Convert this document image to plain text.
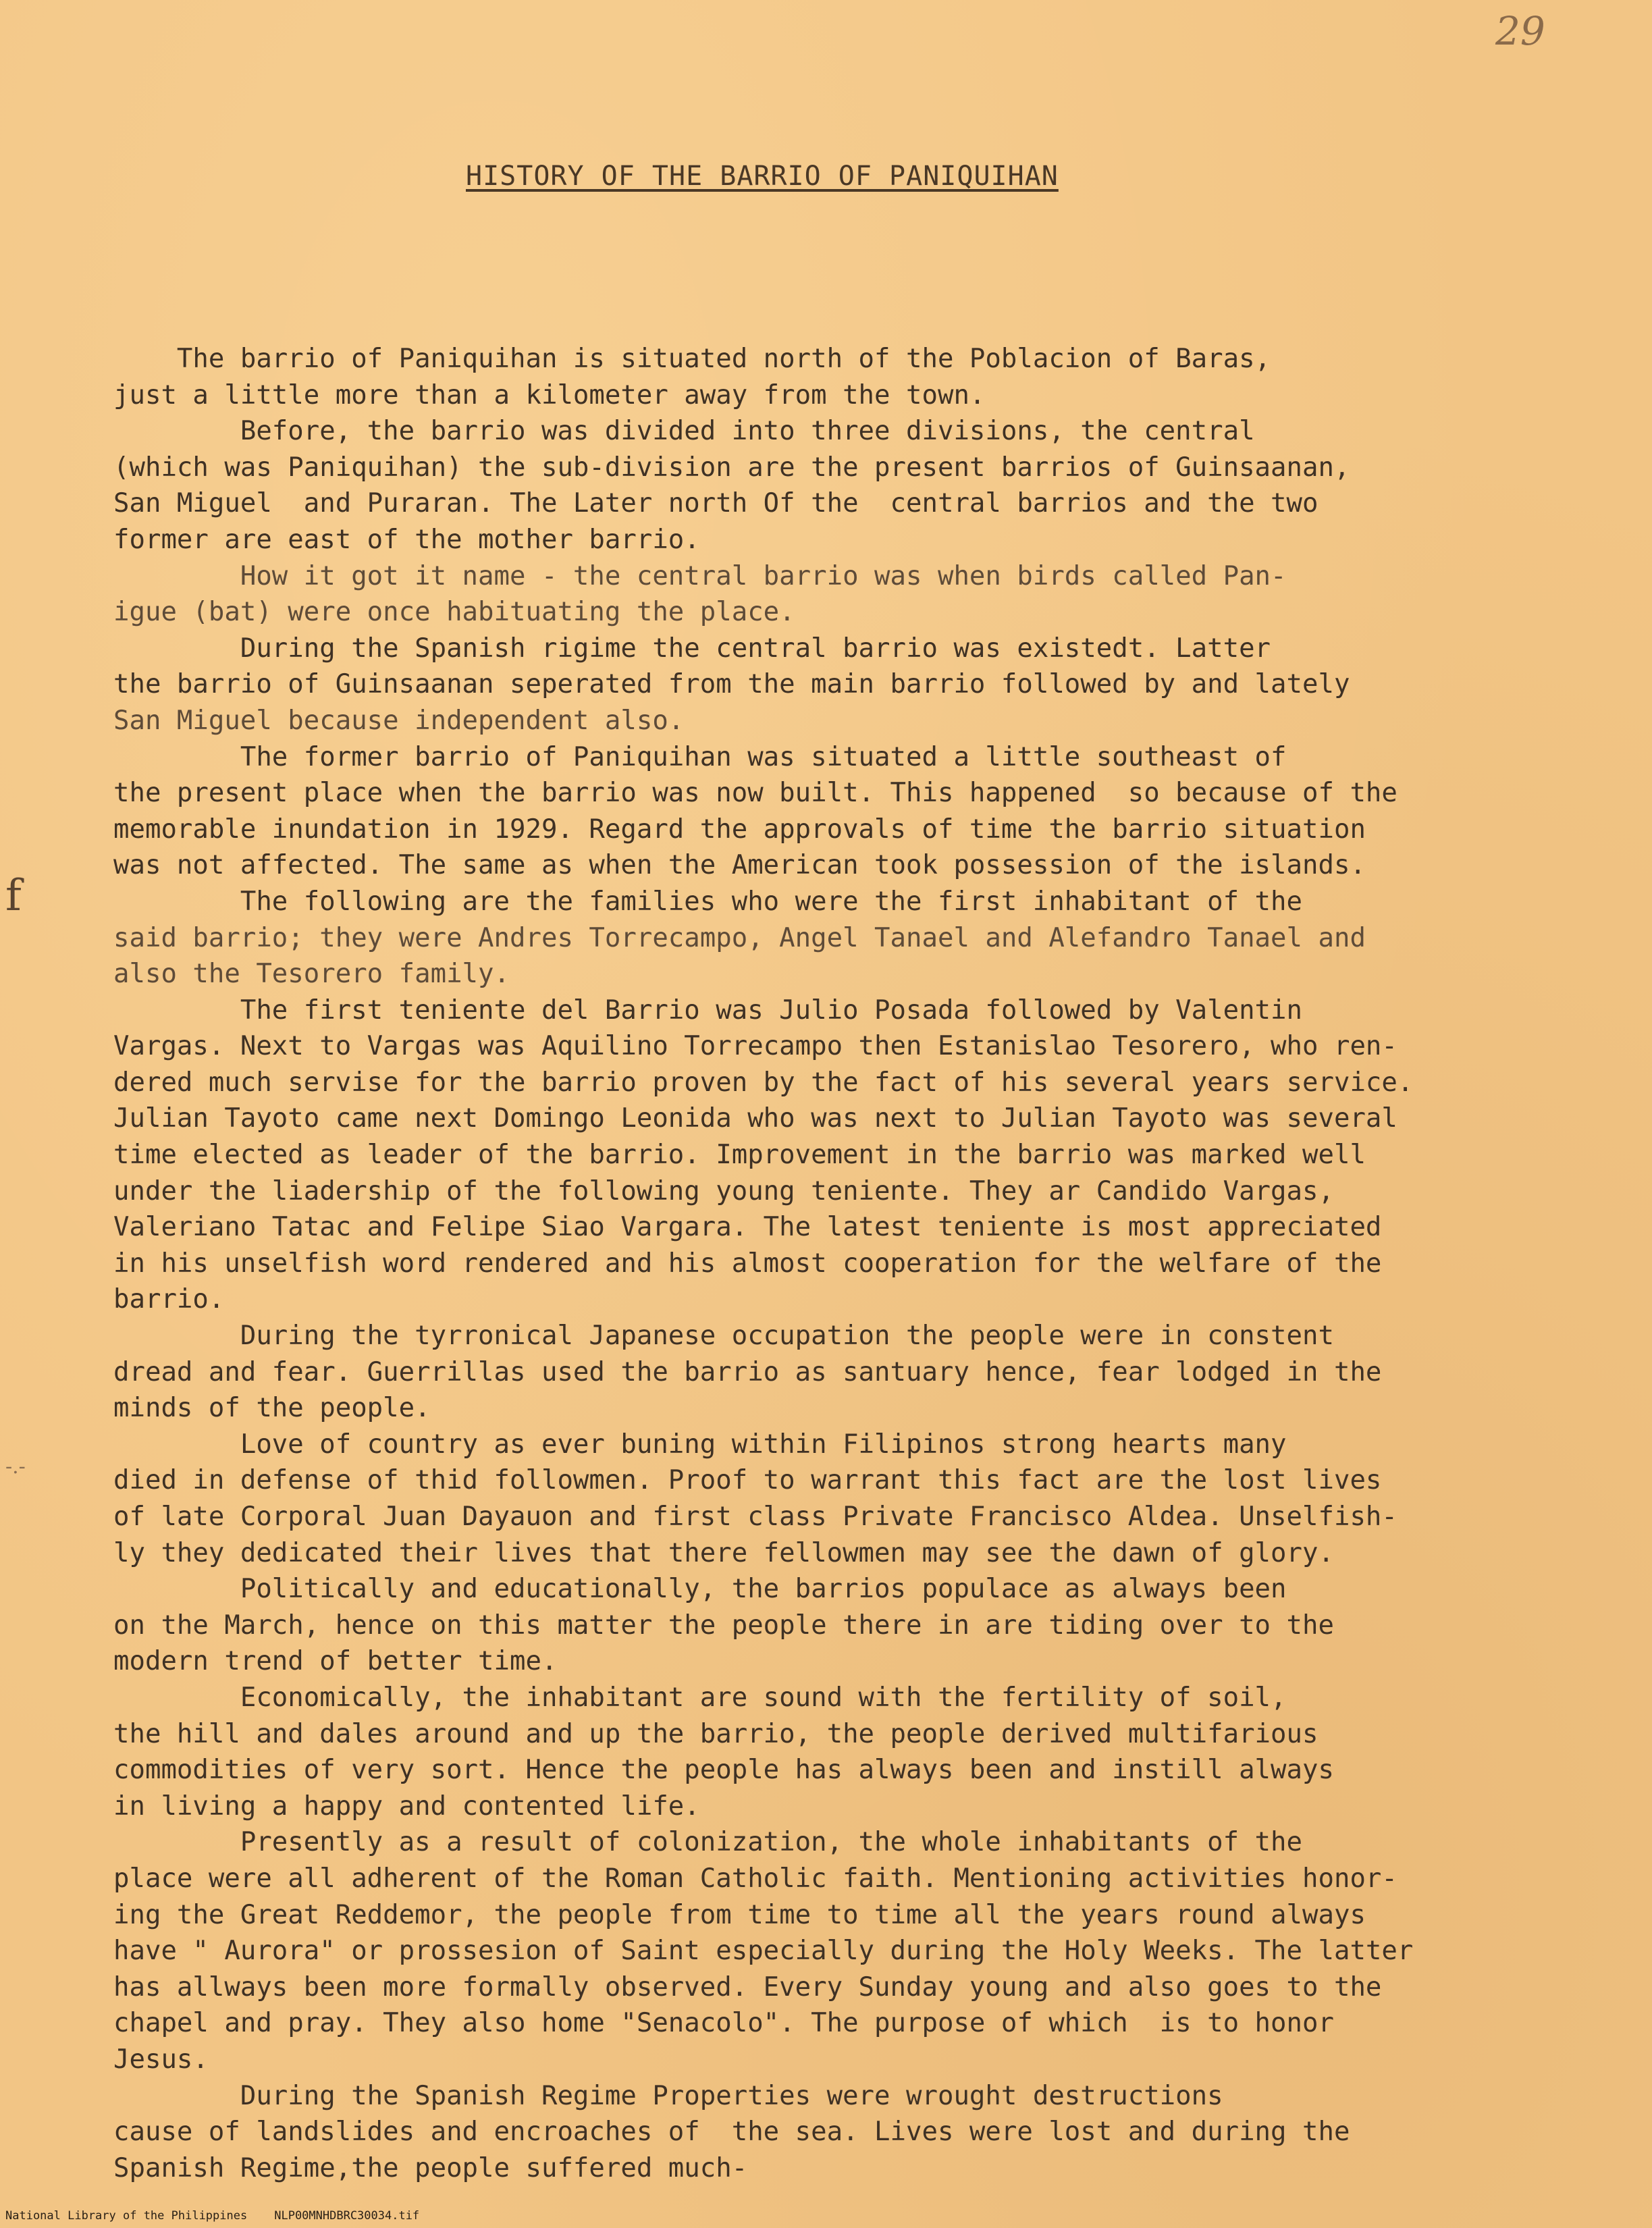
29
HISTORY OF THE BARRIO OF PANIQUIHAN
f
-.-
The barrio of Paniquihan is situated north of the Poblacion of Baras,
just a little more than a kilometer away from the town.
Before, the barrio was divided into three divisions, the central
(which was Paniquihan) the sub-division are the present barrios of Guinsaanan,
San Miguel  and Puraran. The Later north Of the  central barrios and the two
former are east of the mother barrio.
How it got it name - the central barrio was when birds called Pan-
igue (bat) were once habituating the place.
During the Spanish rigime the central barrio was existedt. Latter
the barrio of Guinsaanan seperated from the main barrio followed by and lately
San Miguel because independent also.
The former barrio of Paniquihan was situated a little southeast of
the present place when the barrio was now built. This happened  so because of the
memorable inundation in 1929. Regard the approvals of time the barrio situation
was not affected. The same as when the American took possession of the islands.
The following are the families who were the first inhabitant of the
said barrio; they were Andres Torrecampo, Angel Tanael and Alefandro Tanael and
also the Tesorero family.
The first teniente del Barrio was Julio Posada followed by Valentin
Vargas. Next to Vargas was Aquilino Torrecampo then Estanislao Tesorero, who ren-
dered much servise for the barrio proven by the fact of his several years service.
Julian Tayoto came next Domingo Leonida who was next to Julian Tayoto was several
time elected as leader of the barrio. Improvement in the barrio was marked well
under the liadership of the following young teniente. They ar Candido Vargas,
Valeriano Tatac and Felipe Siao Vargara. The latest teniente is most appreciated
in his unselfish word rendered and his almost cooperation for the welfare of the
barrio.
During the tyrronical Japanese occupation the people were in constent
dread and fear. Guerrillas used the barrio as santuary hence, fear lodged in the
minds of the people.
Love of country as ever buning within Filipinos strong hearts many
died in defense of thid followmen. Proof to warrant this fact are the lost lives
of late Corporal Juan Dayauon and first class Private Francisco Aldea. Unselfish-
ly they dedicated their lives that there fellowmen may see the dawn of glory.
Politically and educationally, the barrios populace as always been
on the March, hence on this matter the people there in are tiding over to the
modern trend of better time.
Economically, the inhabitant are sound with the fertility of soil,
the hill and dales around and up the barrio, the people derived multifarious
commodities of very sort. Hence the people has always been and instill always
in living a happy and contented life.
Presently as a result of colonization, the whole inhabitants of the
place were all adherent of the Roman Catholic faith. Mentioning activities honor-
ing the Great Reddemor, the people from time to time all the years round always
have " Aurora" or prossesion of Saint especially during the Holy Weeks. The latter
has allways been more formally observed. Every Sunday young and also goes to the
chapel and pray. They also home "Senacolo". The purpose of which  is to honor
Jesus.
During the Spanish Regime Properties were wrought destructions
cause of landslides and encroaches of  the sea. Lives were lost and during the
Spanish Regime,the people suffered much-
National Library of the Philippines NLP00MNHDBRC30034.tif
